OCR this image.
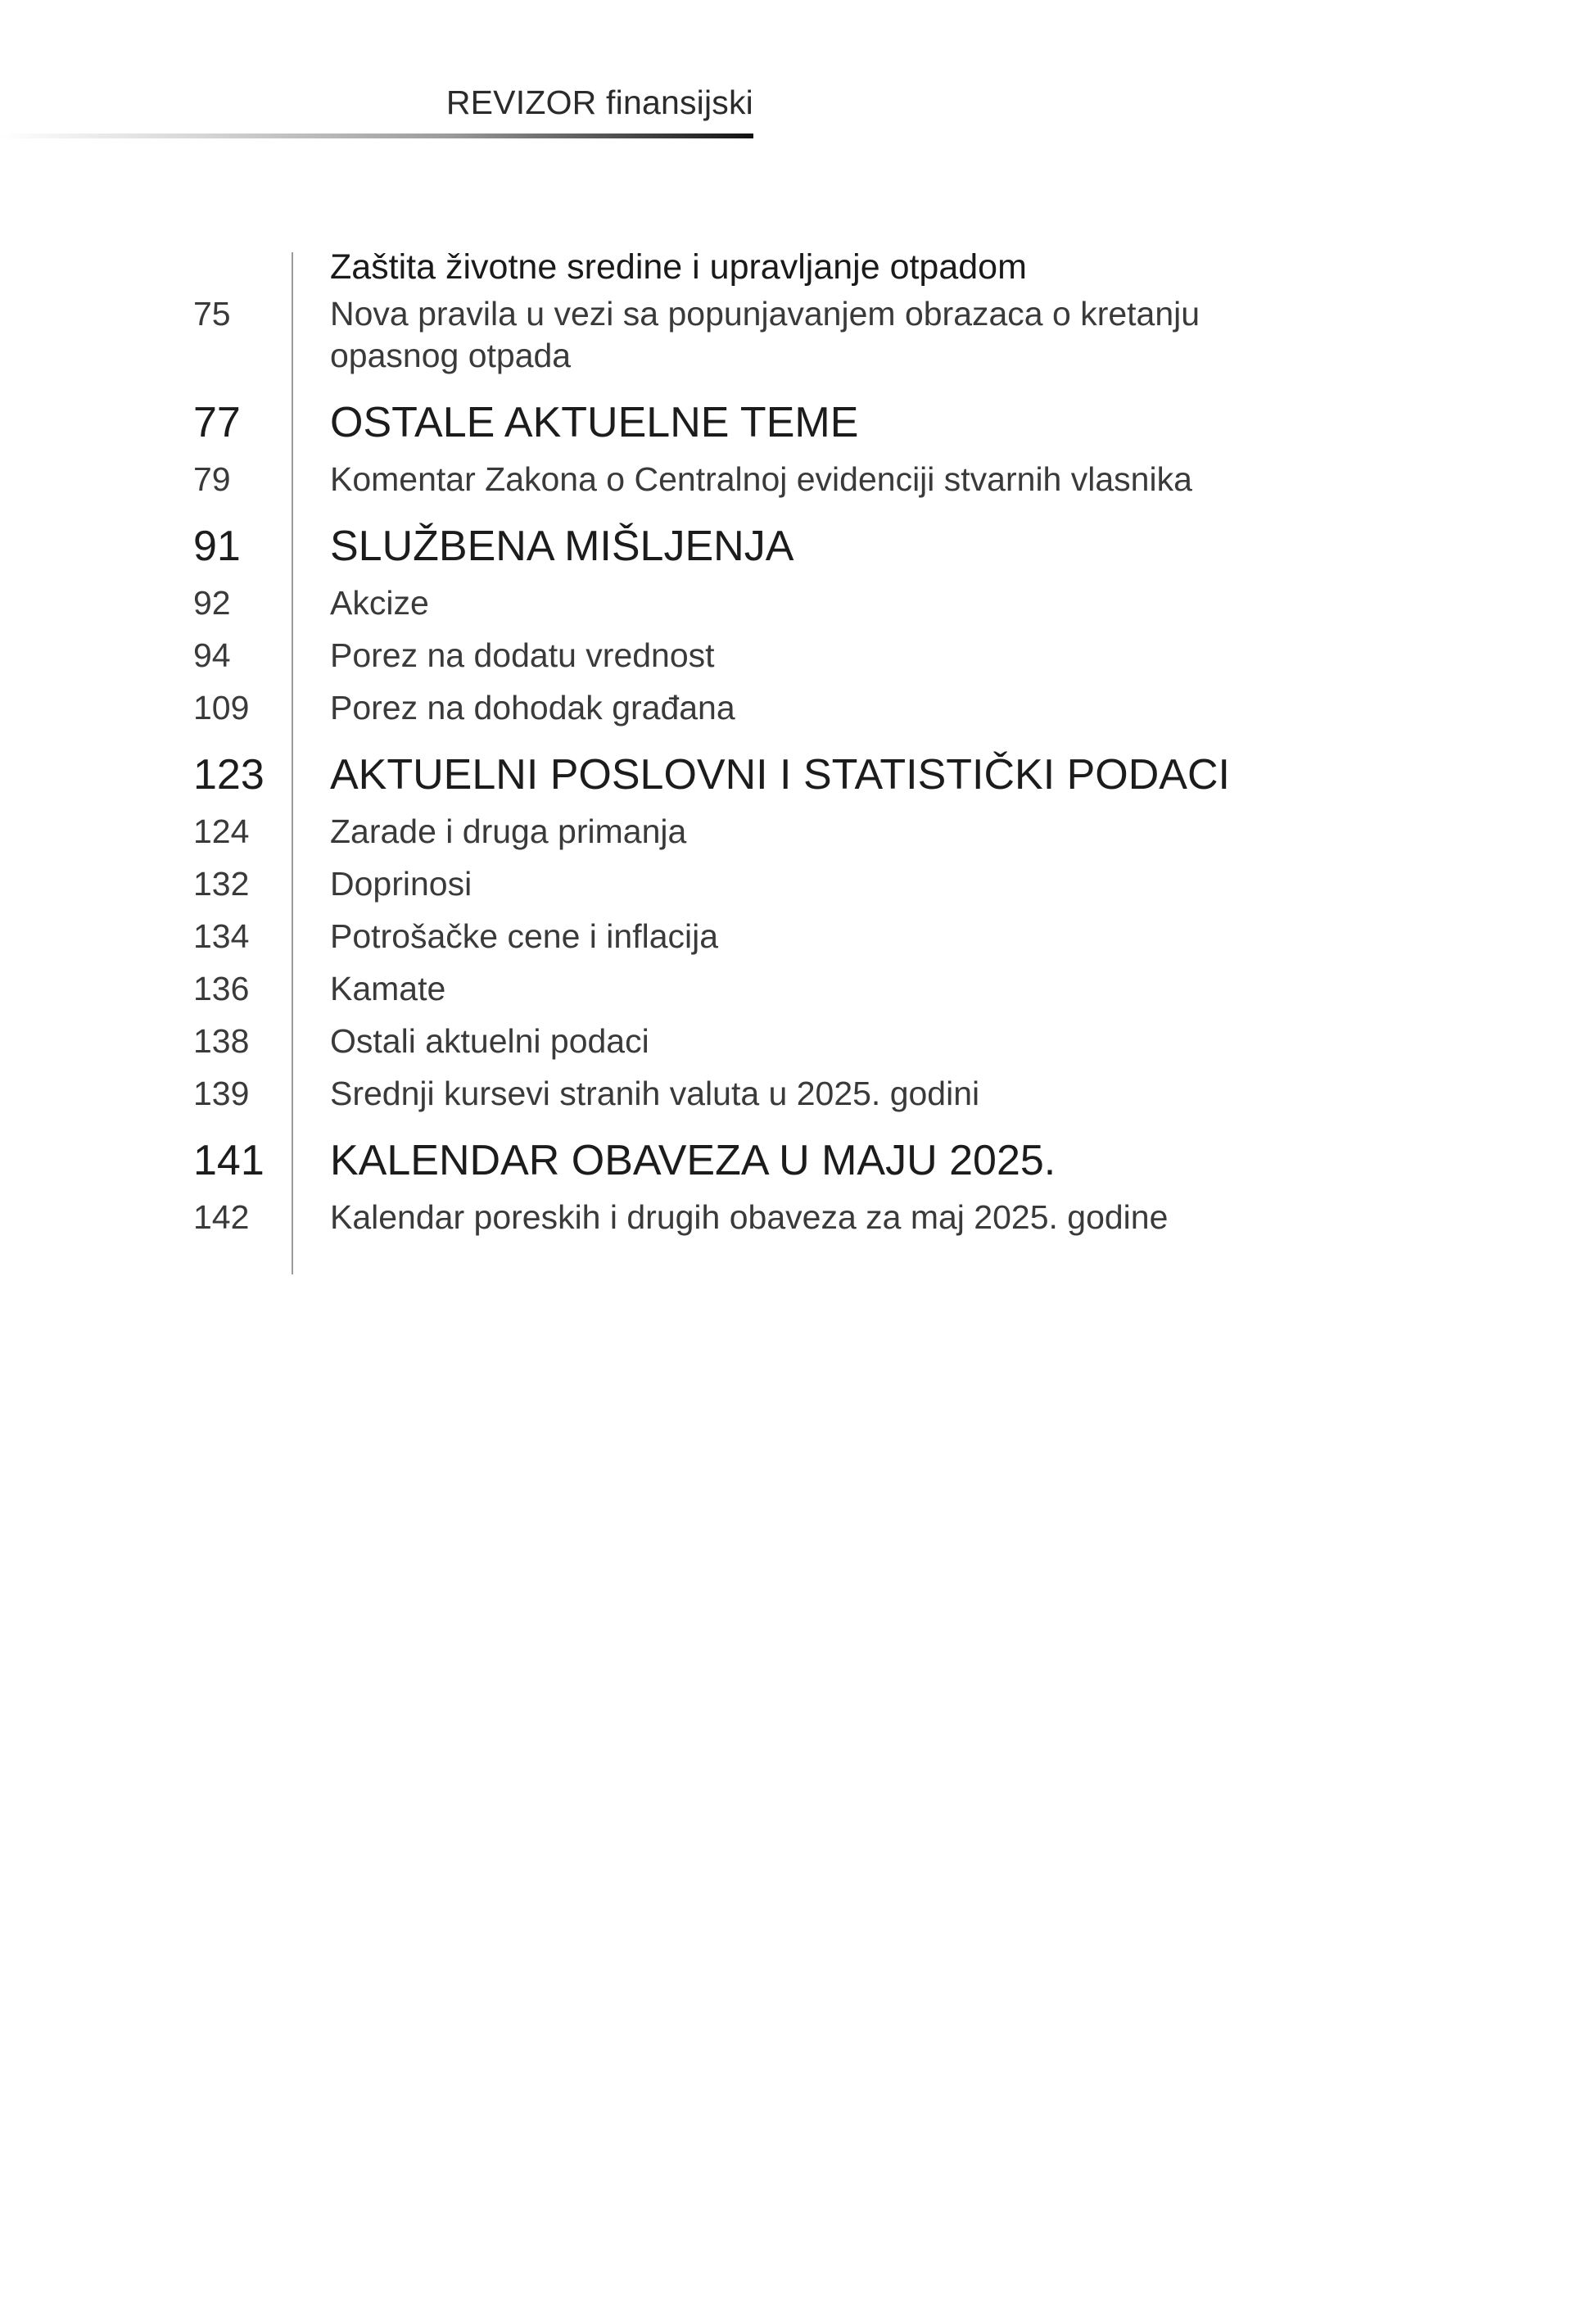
REVIZOR finansijski
Zaštita životne sredine i upravljanje otpadom
75	Nova pravila u vezi sa popunjavanjem obrazaca o kretanju opasnog otpada
77	OSTALE AKTUELNE TEME
79	Komentar Zakona o Centralnoj evidenciji stvarnih vlasnika
91	SLUŽBENA MIŠLJENJA
92	Akcize
94	Porez na dodatu vrednost
109	Porez na dohodak građana
123	AKTUELNI POSLOVNI I STATISTIČKI PODACI
124	Zarade i druga primanja
132	Doprinosi
134	Potrošačke cene i inflacija
136	Kamate
138	Ostali aktuelni podaci
139	Srednji kursevi stranih valuta u 2025. godini
141	KALENDAR OBAVEZA U MAJU 2025.
142	Kalendar poreskih i drugih obaveza za maj 2025. godine
